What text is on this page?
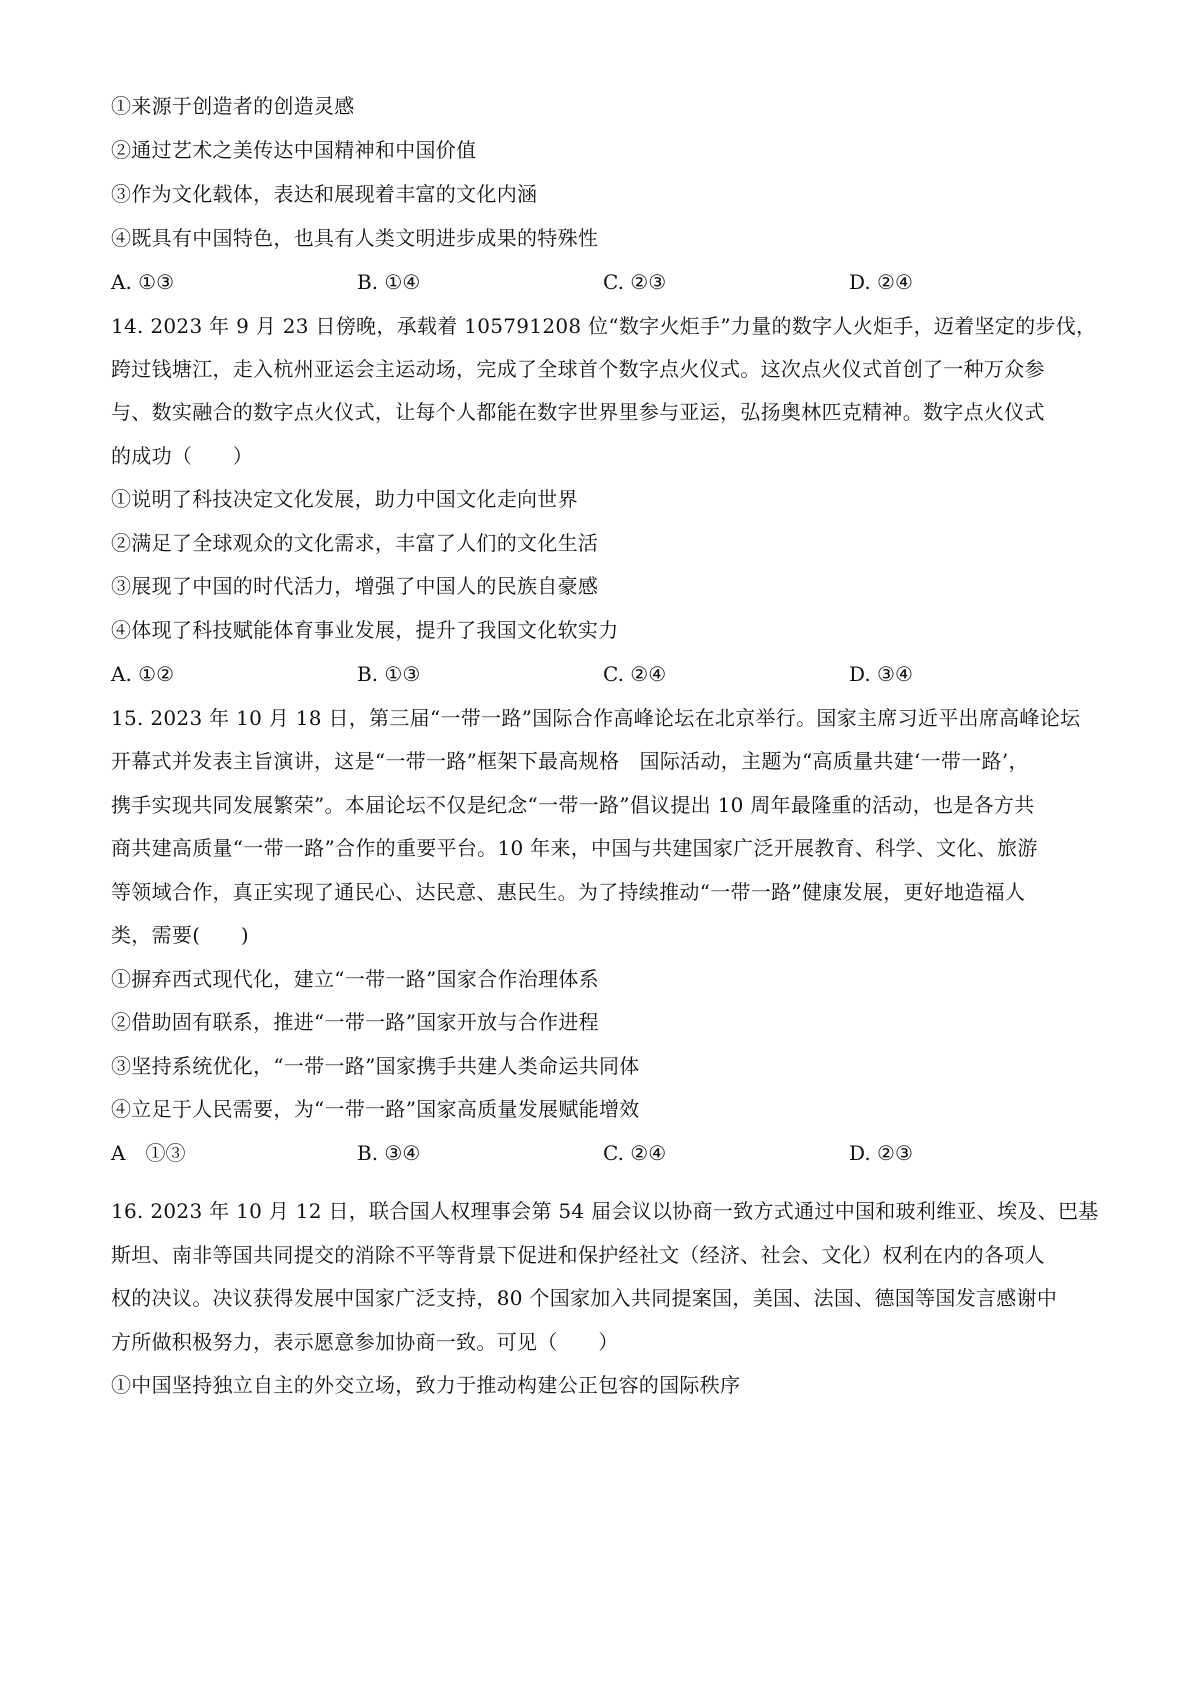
①来源于创造者的创造灵感
②通过艺术之美传达中国精神和中国价值
③作为文化载体，表达和展现着丰富的文化内涵
④既具有中国特色，也具有人类文明进步成果的特殊性
A. ①③	B. ①④	C. ②③	D. ②④
14. 2023 年 9 月 23 日傍晚，承载着 105791208 位“数字火炬手”力量的数字人火炬手，迈着坚定的步伐，
跨过钱塘江，走入杭州亚运会主运动场，完成了全球首个数字点火仪式。这次点火仪式首创了一种万众参
与、数实融合的数字点火仪式，让每个人都能在数字世界里参与亚运，弘扬奥林匹克精神。数字点火仪式
的成功（　　）
①说明了科技决定文化发展，助力中国文化走向世界
②满足了全球观众的文化需求，丰富了人们的文化生活
③展现了中国的时代活力，增强了中国人的民族自豪感
④体现了科技赋能体育事业发展，提升了我国文化软实力
A. ①②	B. ①③	C. ②④	D. ③④
15. 2023 年 10 月 18 日，第三届“一带一路”国际合作高峰论坛在北京举行。国家主席习近平出席高峰论坛
开幕式并发表主旨演讲，这是“一带一路”框架下最高规格　国际活动，主题为“高质量共建‘一带一路’，
携手实现共同发展繁荣”。本届论坛不仅是纪念“一带一路”倡议提出 10 周年最隆重的活动，也是各方共
商共建高质量“一带一路”合作的重要平台。10 年来，中国与共建国家广泛开展教育、科学、文化、旅游
等领域合作，真正实现了通民心、达民意、惠民生。为了持续推动“一带一路”健康发展，更好地造福人
类，需要(　　)
①摒弃西式现代化，建立“一带一路”国家合作治理体系
②借助固有联系，推进“一带一路”国家开放与合作进程
③坚持系统优化，“一带一路”国家携手共建人类命运共同体
④立足于人民需要，为“一带一路”国家高质量发展赋能增效
A　①③	B. ③④	C. ②④	D. ②③
16. 2023 年 10 月 12 日，联合国人权理事会第 54 届会议以协商一致方式通过中国和玻利维亚、埃及、巴基
斯坦、南非等国共同提交的消除不平等背景下促进和保护经社文（经济、社会、文化）权利在内的各项人
权的决议。决议获得发展中国家广泛支持，80 个国家加入共同提案国，美国、法国、德国等国发言感谢中
方所做积极努力，表示愿意参加协商一致。可见（　　）
①中国坚持独立自主的外交立场，致力于推动构建公正包容的国际秩序
